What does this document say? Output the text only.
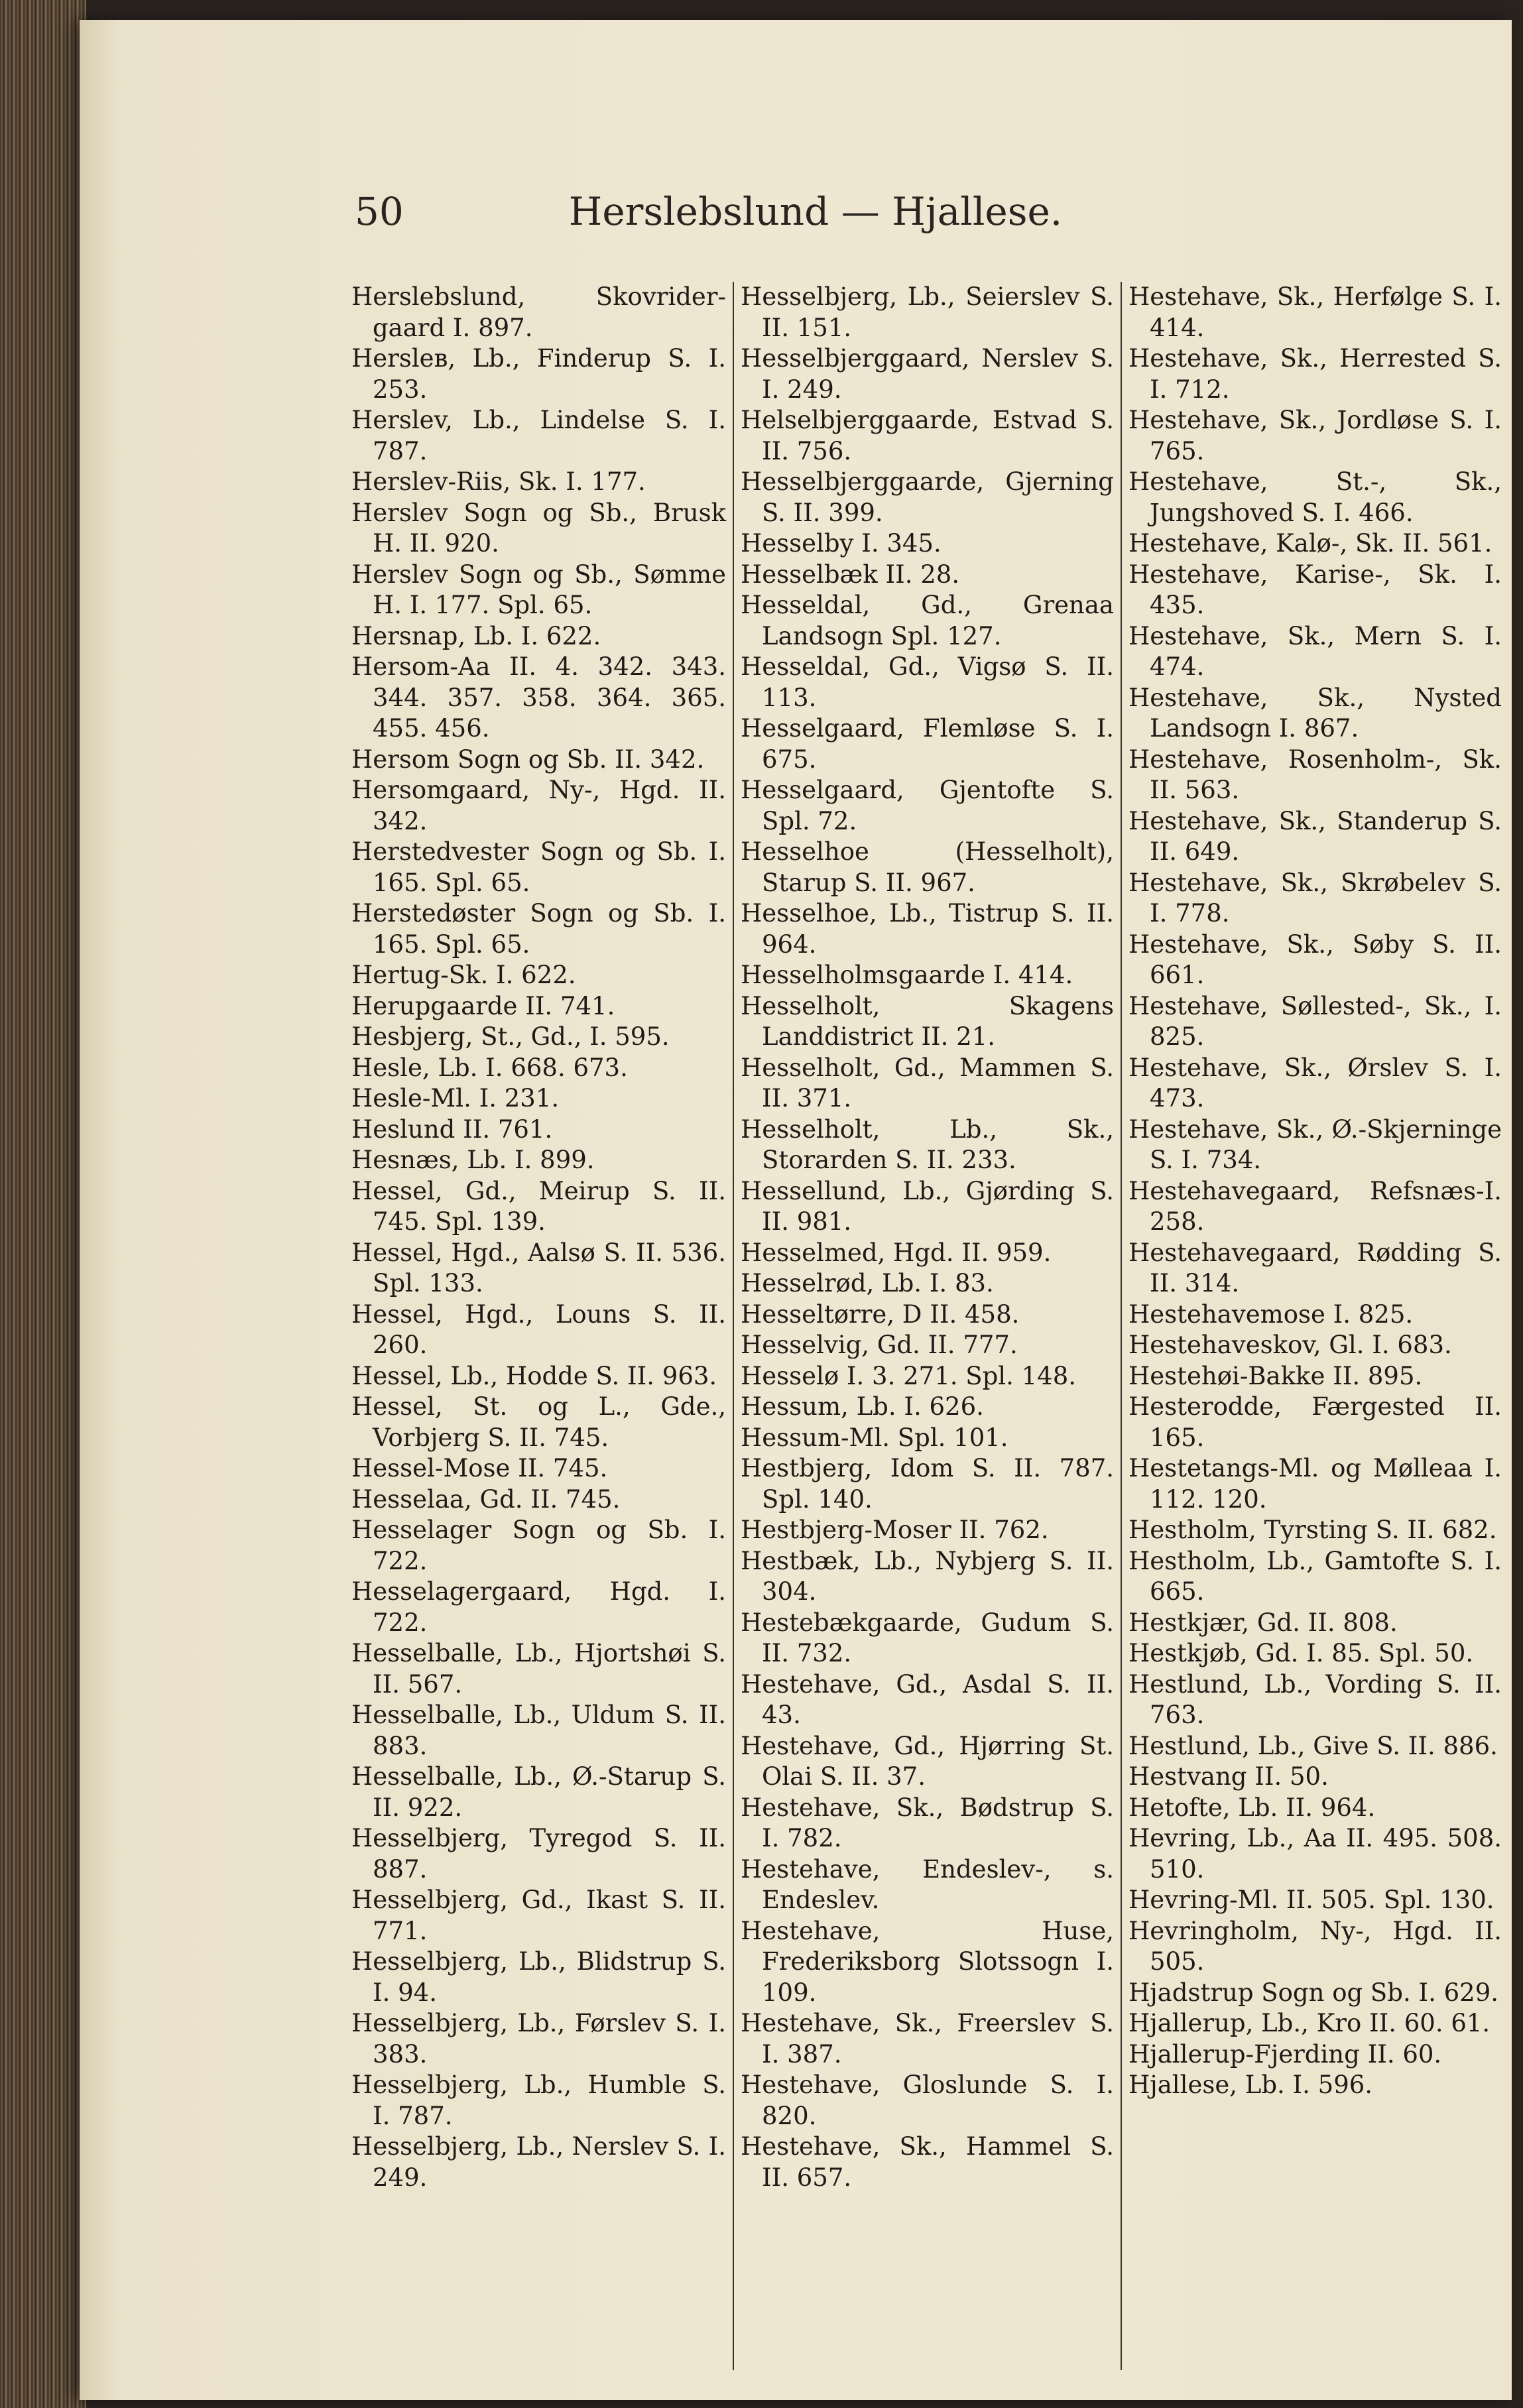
50	Herslebslund — Hjallese.

Herslebslund, Skovrider-gaard I. 897.

Hersleв, Lb., Finderup S. I. 253.

Herslev, Lb., Lindelse S. I. 787.

Herslev-Riis, Sk. I. 177.

Herslev Sogn og Sb., Brusk H. II. 920.

Herslev Sogn og Sb., Sømme H. I. 177. Spl. 65.

Hersnap, Lb. I. 622.

Hersom-Aa II. 4. 342. 343. 344. 357. 358. 364. 365. 455. 456.

Hersom Sogn og Sb. II. 342.

Hersomgaard, Ny-, Hgd. II. 342.

Herstedvester Sogn og Sb. I. 165. Spl. 65.

Herstedøster Sogn og Sb. I. 165. Spl. 65.

Hertug-Sk. I. 622.

Herupgaarde II. 741.

Hesbjerg, St., Gd., I. 595.

Hesle, Lb. I. 668. 673.

Hesle-Ml. I. 231.

Heslund II. 761.

Hesnæs, Lb. I. 899.

Hessel, Gd., Meirup S. II. 745. Spl. 139.

Hessel, Hgd., Aalsø S. II. 536. Spl. 133.

Hessel, Hgd., Louns S. II. 260.

Hessel, Lb., Hodde S. II. 963.

Hessel, St. og L., Gde., Vorbjerg S. II. 745.

Hessel-Mose II. 745.

Hesselaa, Gd. II. 745.

Hesselager Sogn og Sb. I. 722.

Hesselagergaard, Hgd. I. 722.

Hesselballe, Lb., Hjortshøi S. II. 567.

Hesselballe, Lb., Uldum S. II. 883.

Hesselballe, Lb., Ø.-Starup S. II. 922.

Hesselbjerg, Tyregod S. II. 887.

Hesselbjerg, Gd., Ikast S. II. 771.

Hesselbjerg, Lb., Blidstrup S. I. 94.

Hesselbjerg, Lb., Førslev S. I. 383.

Hesselbjerg, Lb., Humble S. I. 787.

Hesselbjerg, Lb., Nerslev S. I. 249.

Hesselbjerg, Lb., Seierslev S. II. 151.

Hesselbjerggaard, Nerslev S. I. 249.

Helselbjerggaarde, Estvad S. II. 756.

Hesselbjerggaarde, Gjerning S. II. 399.

Hesselby I. 345.

Hesselbæk II. 28.

Hesseldal, Gd., Grenaa Landsogn Spl. 127.

Hesseldal, Gd., Vigsø S. II. 113.

Hesselgaard, Flemløse S. I. 675.

Hesselgaard, Gjentofte S. Spl. 72.

Hesselhoe (Hesselholt), Starup S. II. 967.

Hesselhoe, Lb., Tistrup S. II. 964.

Hesselholmsgaarde I. 414.

Hesselholt, Skagens Landdistrict II. 21.

Hesselholt, Gd., Mammen S. II. 371.

Hesselholt, Lb., Sk., Storarden S. II. 233.

Hessellund, Lb., Gjørding S. II. 981.

Hesselmed, Hgd. II. 959.

Hesselrød, Lb. I. 83.

Hesseltørre, D II. 458.

Hesselvig, Gd. II. 777.

Hesselø I. 3. 271. Spl. 148.

Hessum, Lb. I. 626.

Hessum-Ml. Spl. 101.

Hestbjerg, Idom S. II. 787. Spl. 140.

Hestbjerg-Moser II. 762.

Hestbæk, Lb., Nybjerg S. II. 304.

Hestebækgaarde, Gudum S. II. 732.

Hestehave, Gd., Asdal S. II. 43.

Hestehave, Gd., Hjørring St. Olai S. II. 37.

Hestehave, Sk., Bødstrup S. I. 782.

Hestehave, Endeslev-, s. Endeslev.

Hestehave, Huse, Frederiksborg Slotssogn I. 109.

Hestehave, Sk., Freerslev S. I. 387.

Hestehave, Gloslunde S. I. 820.

Hestehave, Sk., Hammel S. II. 657.

Hestehave, Sk., Herfølge S. I. 414.

Hestehave, Sk., Herrested S. I. 712.

Hestehave, Sk., Jordløse S. I. 765.

Hestehave, St.-, Sk., Jungshoved S. I. 466.

Hestehave, Kalø-, Sk. II. 561.

Hestehave, Karise-, Sk. I. 435.

Hestehave, Sk., Mern S. I. 474.

Hestehave, Sk., Nysted Landsogn I. 867.

Hestehave, Rosenholm-, Sk. II. 563.

Hestehave, Sk., Standerup S. II. 649.

Hestehave, Sk., Skrøbelev S. I. 778.

Hestehave, Sk., Søby S. II. 661.

Hestehave, Søllested-, Sk., I. 825.

Hestehave, Sk., Ørslev S. I. 473.

Hestehave, Sk., Ø.-Skjerninge S. I. 734.

Hestehavegaard, Refsnæs-I. 258.

Hestehavegaard, Rødding S. II. 314.

Hestehavemose I. 825.

Hestehaveskov, Gl. I. 683.

Hestehøi-Bakke II. 895.

Hesterodde, Færgested II. 165.

Hestetangs-Ml. og Mølleaa I. 112. 120.

Hestholm, Tyrsting S. II. 682.

Hestholm, Lb., Gamtofte S. I. 665.

Hestkjær, Gd. II. 808.

Hestkjøb, Gd. I. 85. Spl. 50.

Hestlund, Lb., Vording S. II. 763.

Hestlund, Lb., Give S. II. 886.

Hestvang II. 50.

Hetofte, Lb. II. 964.

Hevring, Lb., Aa II. 495. 508. 510.

Hevring-Ml. II. 505. Spl. 130.

Hevringholm, Ny-, Hgd. II. 505.

Hjadstrup Sogn og Sb. I. 629.

Hjallerup, Lb., Kro II. 60. 61.

Hjallerup-Fjerding II. 60.

Hjallese, Lb. I. 596.
